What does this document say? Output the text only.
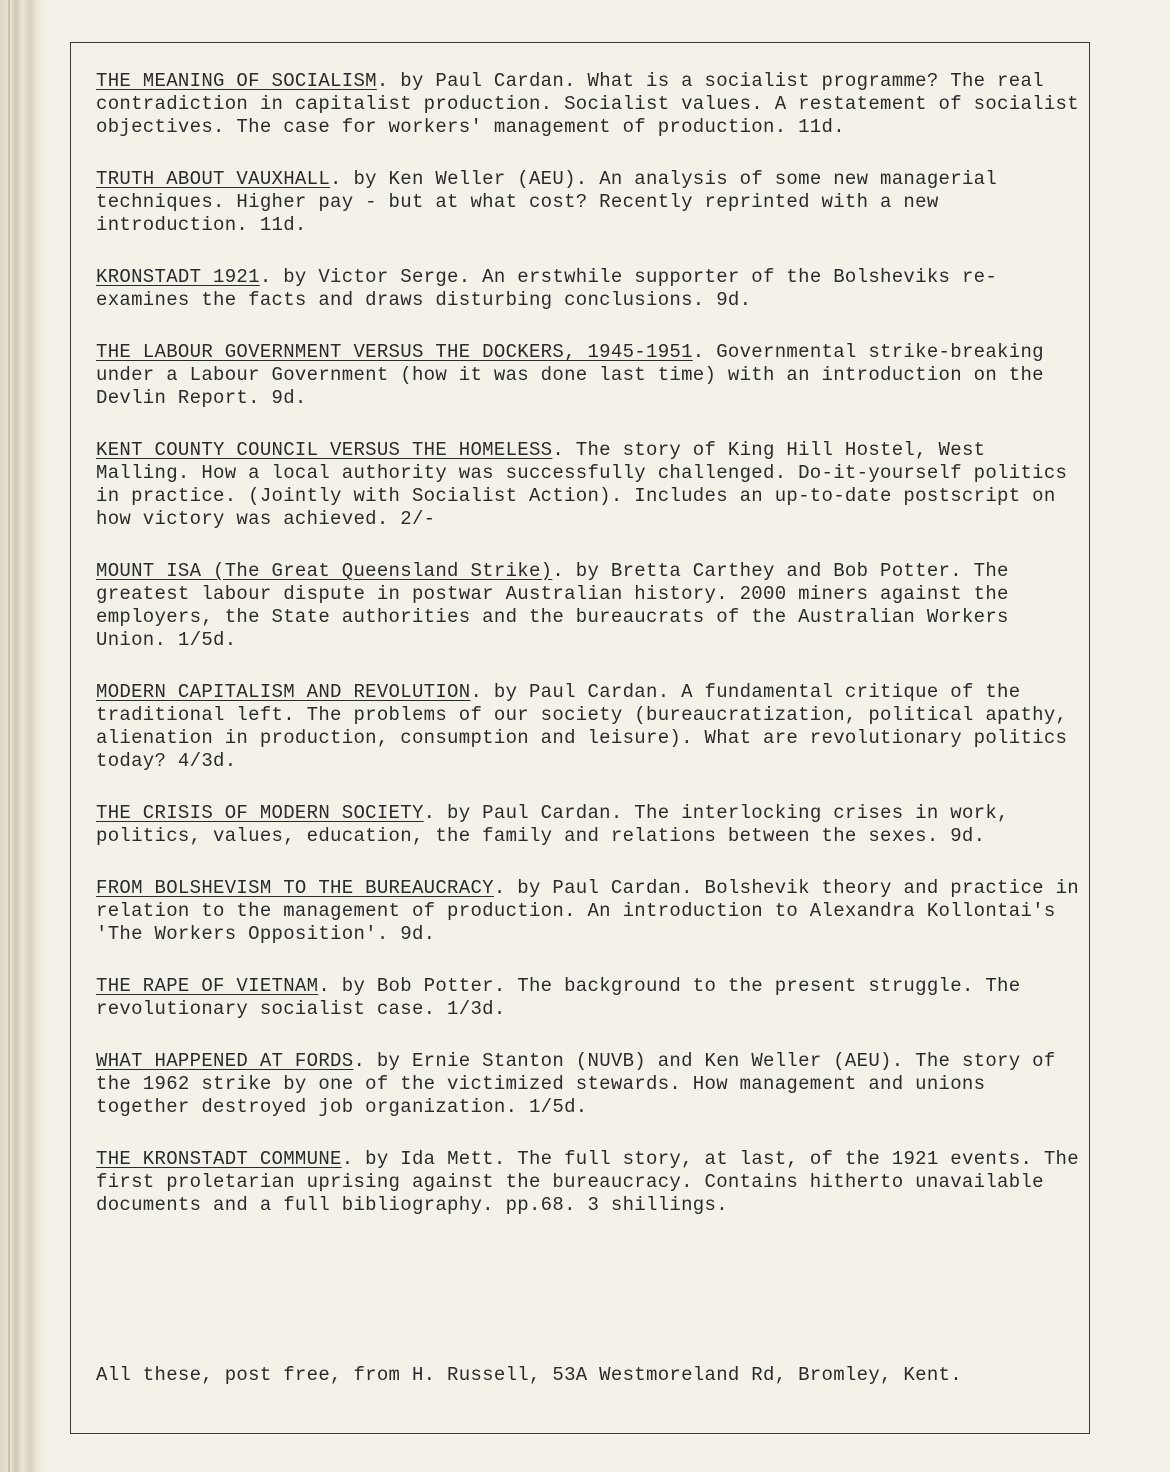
THE MEANING OF SOCIALISM. by Paul Cardan. What is a socialist programme? The real contradiction in capitalist production. Socialist values. A restatement of socialist objectives. The case for workers' management of production. 11d.
TRUTH ABOUT VAUXHALL. by Ken Weller (AEU). An analysis of some new managerial techniques. Higher pay - but at what cost? Recently reprinted with a new introduction. 11d.
KRONSTADT 1921. by Victor Serge. An erstwhile supporter of the Bolsheviks re-examines the facts and draws disturbing conclusions. 9d.
THE LABOUR GOVERNMENT VERSUS THE DOCKERS, 1945-1951. Governmental strike-breaking under a Labour Government (how it was done last time) with an introduction on the Devlin Report. 9d.
KENT COUNTY COUNCIL VERSUS THE HOMELESS. The story of King Hill Hostel, West Malling. How a local authority was successfully challenged. Do-it-yourself politics in practice. (Jointly with Socialist Action). Includes an up-to-date postscript on how victory was achieved. 2/-
MOUNT ISA (The Great Queensland Strike). by Bretta Carthey and Bob Potter. The greatest labour dispute in postwar Australian history. 2000 miners against the employers, the State authorities and the bureaucrats of the Australian Workers Union. 1/5d.
MODERN CAPITALISM AND REVOLUTION. by Paul Cardan. A fundamental critique of the traditional left. The problems of our society (bureaucratization, political apathy, alienation in production, consumption and leisure). What are revolutionary politics today? 4/3d.
THE CRISIS OF MODERN SOCIETY. by Paul Cardan. The interlocking crises in work, politics, values, education, the family and relations between the sexes. 9d.
FROM BOLSHEVISM TO THE BUREAUCRACY. by Paul Cardan. Bolshevik theory and practice in relation to the management of production. An introduction to Alexandra Kollontai's 'The Workers Opposition'. 9d.
THE RAPE OF VIETNAM. by Bob Potter. The background to the present struggle. The revolutionary socialist case. 1/3d.
WHAT HAPPENED AT FORDS. by Ernie Stanton (NUVB) and Ken Weller (AEU). The story of the 1962 strike by one of the victimized stewards. How management and unions together destroyed job organization. 1/5d.
THE KRONSTADT COMMUNE. by Ida Mett. The full story, at last, of the 1921 events. The first proletarian uprising against the bureaucracy. Contains hitherto unavailable documents and a full bibliography. pp.68. 3 shillings.
All these, post free, from H. Russell, 53A Westmoreland Rd, Bromley, Kent.
